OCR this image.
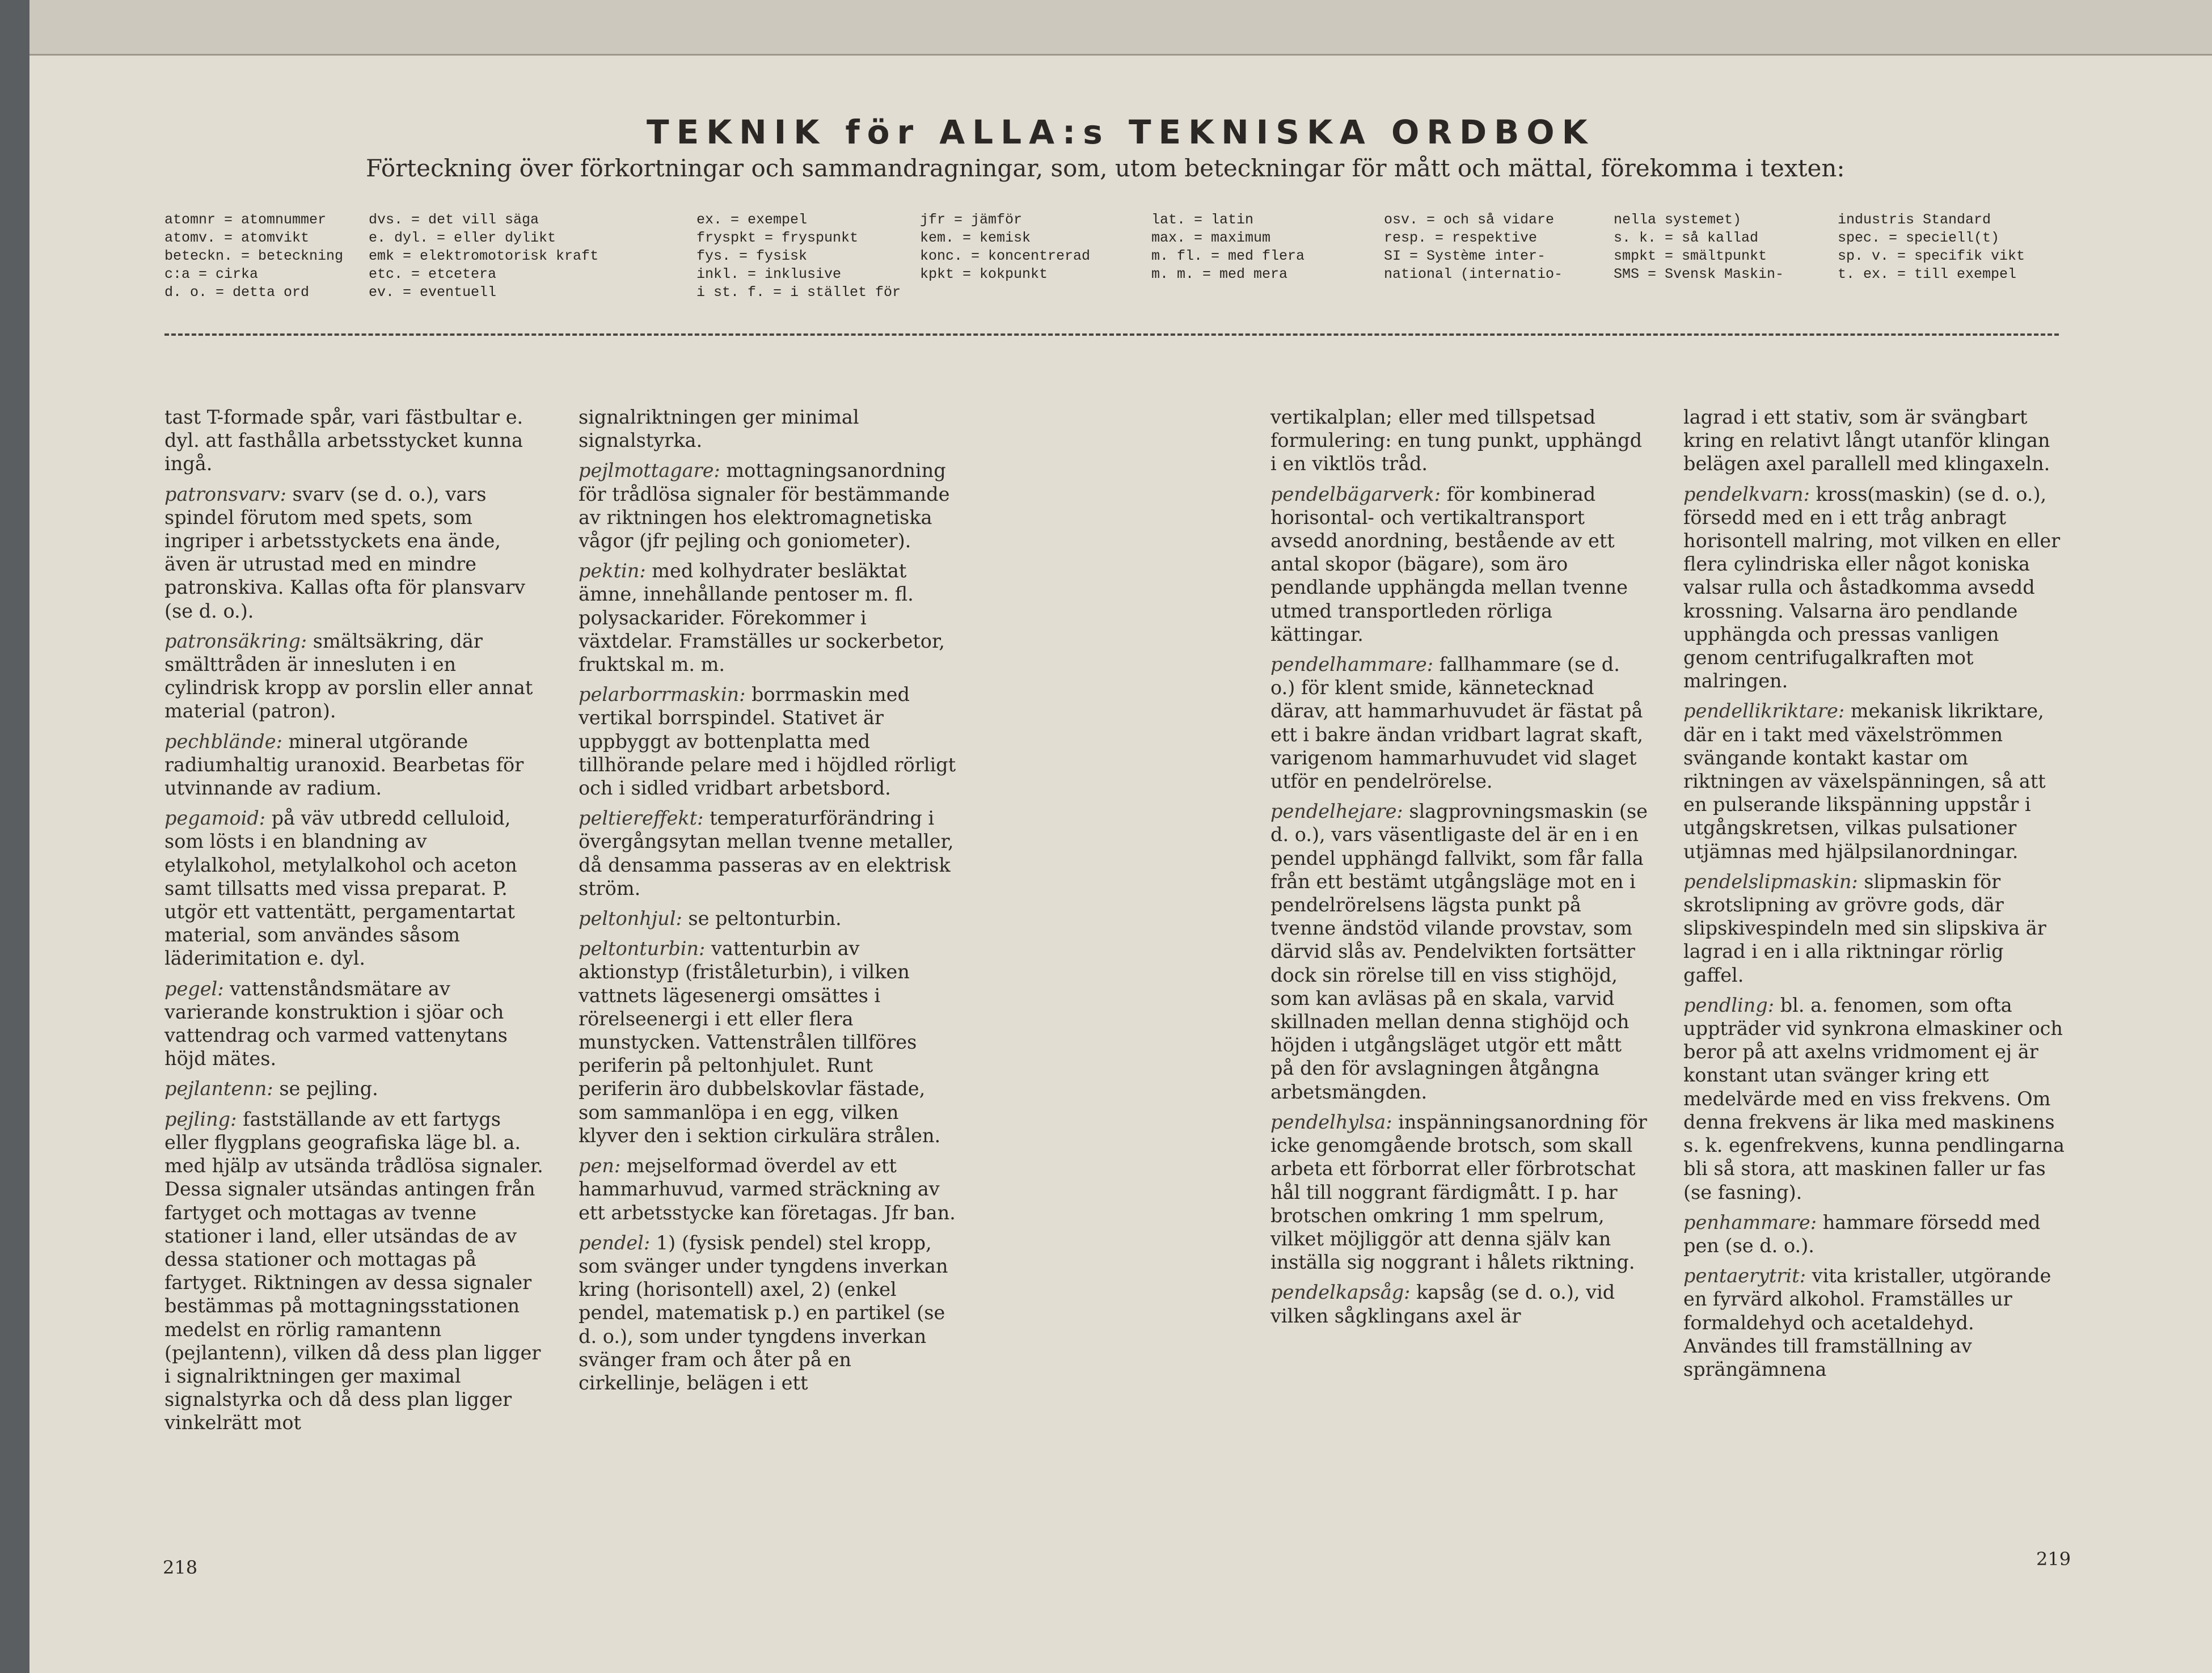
TEKNIK för ALLA:s TEKNISKA ORDBOK
Förteckning över förkortningar och sammandragningar, som, utom beteckningar för mått och mättal, förekomma i texten:
atomnr = atomnummer
atomv. = atomvikt
beteckn. = beteckning
c:a = cirka
d. o. = detta ord
dvs. = det vill säga
e. dyl. = eller dylikt
emk = elektromotorisk kraft
etc. = etcetera
ev. = eventuell
ex. = exempel
fryspkt = fryspunkt
fys. = fysisk
inkl. = inklusive
i st. f. = i stället för
jfr = jämför
kem. = kemisk
konc. = koncentrerad
kpkt = kokpunkt
lat. = latin
max. = maximum
m. fl. = med flera
m. m. = med mera
osv. = och så vidare
resp. = respektive
SI = Système inter-
national (internatio-
nella systemet)
s. k. = så kallad
smpkt = smältpunkt
SMS = Svensk Maskin-
industris Standard
spec. = speciell(t)
sp. v. = specifik vikt
t. ex. = till exempel

tast T-formade spår, vari fästbultar e. dyl. att fasthålla arbetsstycket kunna ingå.

patronsvarv: svarv (se d. o.), vars spindel förutom med spets, som ingriper i arbetsstyckets ena ände, även är utrustad med en mindre patronskiva. Kallas ofta för plansvarv (se d. o.).

patronsäkring: smältsäkring, där smälttråden är innesluten i en cylindrisk kropp av porslin eller annat material (patron).

pechblände: mineral utgörande radiumhaltig uranoxid. Bearbetas för utvinnande av radium.

pegamoid: på väv utbredd celluloid, som lösts i en blandning av etylalkohol, metylalkohol och aceton samt tillsatts med vissa preparat. P. utgör ett vattentätt, pergamentartat material, som användes såsom läderimitation e. dyl.

pegel: vattenståndsmätare av varierande konstruktion i sjöar och vattendrag och varmed vattenytans höjd mätes.

pejlantenn: se pejling.

pejling: fastställande av ett fartygs eller flygplans geografiska läge bl. a. med hjälp av utsända trådlösa signaler. Dessa signaler utsändas antingen från fartyget och mottagas av tvenne stationer i land, eller utsändas de av dessa stationer och mottagas på fartyget. Riktningen av dessa signaler bestämmas på mottagningsstationen medelst en rörlig ramantenn (pejlantenn), vilken då dess plan ligger i signalriktningen ger maximal signalstyrka och då dess plan ligger vinkelrätt mot

signalriktningen ger minimal signalstyrka.

pejlmottagare: mottagningsanordning för trådlösa signaler för bestämmande av riktningen hos elektromagnetiska vågor (jfr pejling och goniometer).

pektin: med kolhydrater besläktat ämne, innehållande pentoser m. fl. polysackarider. Förekommer i växtdelar. Framställes ur sockerbetor, fruktskal m. m.

pelarborrmaskin: borrmaskin med vertikal borrspindel. Stativet är uppbyggt av bottenplatta med tillhörande pelare med i höjdled rörligt och i sidled vridbart arbetsbord.

peltiereffekt: temperaturförändring i övergångsytan mellan tvenne metaller, då densamma passeras av en elektrisk ström.

peltonhjul: se peltonturbin.

peltonturbin: vattenturbin av aktionstyp (friståleturbin), i vilken vattnets lägesenergi omsättes i rörelseenergi i ett eller flera munstycken. Vattenstrålen tillföres periferin på peltonhjulet. Runt periferin äro dubbelskovlar fästade, som sammanlöpa i en egg, vilken klyver den i sektion cirkulära strålen.

pen: mejselformad överdel av ett hammarhuvud, varmed sträckning av ett arbetsstycke kan företagas. Jfr ban.

pendel: 1) (fysisk pendel) stel kropp, som svänger under tyngdens inverkan kring (horisontell) axel, 2) (enkel pendel, matematisk p.) en partikel (se d. o.), som under tyngdens inverkan svänger fram och åter på en cirkellinje, belägen i ett

vertikalplan; eller med tillspetsad formulering: en tung punkt, upphängd i en viktlös tråd.

pendelbägarverk: för kombinerad horisontal- och vertikaltransport avsedd anordning, bestående av ett antal skopor (bägare), som äro pendlande upphängda mellan tvenne utmed transportleden rörliga kättingar.

pendelhammare: fallhammare (se d. o.) för klent smide, kännetecknad därav, att hammarhuvudet är fästat på ett i bakre ändan vridbart lagrat skaft, varigenom hammarhuvudet vid slaget utför en pendelrörelse.

pendelhejare: slagprovningsmaskin (se d. o.), vars väsentligaste del är en i en pendel upphängd fallvikt, som får falla från ett bestämt utgångsläge mot en i pendelrörelsens lägsta punkt på tvenne ändstöd vilande provstav, som därvid slås av. Pendelvikten fortsätter dock sin rörelse till en viss stighöjd, som kan avläsas på en skala, varvid skillnaden mellan denna stighöjd och höjden i utgångsläget utgör ett mått på den för avslagningen åtgångna arbetsmängden.

pendelhylsa: inspänningsanordning för icke genomgående brotsch, som skall arbeta ett förborrat eller förbrotschat hål till noggrant färdigmått. I p. har brotschen omkring 1 mm spelrum, vilket möjliggör att denna själv kan inställa sig noggrant i hålets riktning.

pendelkapsåg: kapsåg (se d. o.), vid vilken sågklingans axel är

lagrad i ett stativ, som är svängbart kring en relativt långt utanför klingan belägen axel parallell med klingaxeln.

pendelkvarn: kross(maskin) (se d. o.), försedd med en i ett tråg anbragt horisontell malring, mot vilken en eller flera cylindriska eller något koniska valsar rulla och åstadkomma avsedd krossning. Valsarna äro pendlande upphängda och pressas vanligen genom centrifugalkraften mot malringen.

pendellikriktare: mekanisk likriktare, där en i takt med växelströmmen svängande kontakt kastar om riktningen av växelspänningen, så att en pulserande likspänning uppstår i utgångskretsen, vilkas pulsationer utjämnas med hjälpsilanordningar.

pendelslipmaskin: slipmaskin för skrotslipning av grövre gods, där slipskivespindeln med sin slipskiva är lagrad i en i alla riktningar rörlig gaffel.

pendling: bl. a. fenomen, som ofta uppträder vid synkrona elmaskiner och beror på att axelns vridmoment ej är konstant utan svänger kring ett medelvärde med en viss frekvens. Om denna frekvens är lika med maskinens s. k. egenfrekvens, kunna pendlingarna bli så stora, att maskinen faller ur fas (se fasning).

penhammare: hammare försedd med pen (se d. o.).

pentaerytrit: vita kristaller, utgörande en fyrvärd alkohol. Framställes ur formaldehyd och acetaldehyd. Användes till framställning av sprängämnena

218	219
